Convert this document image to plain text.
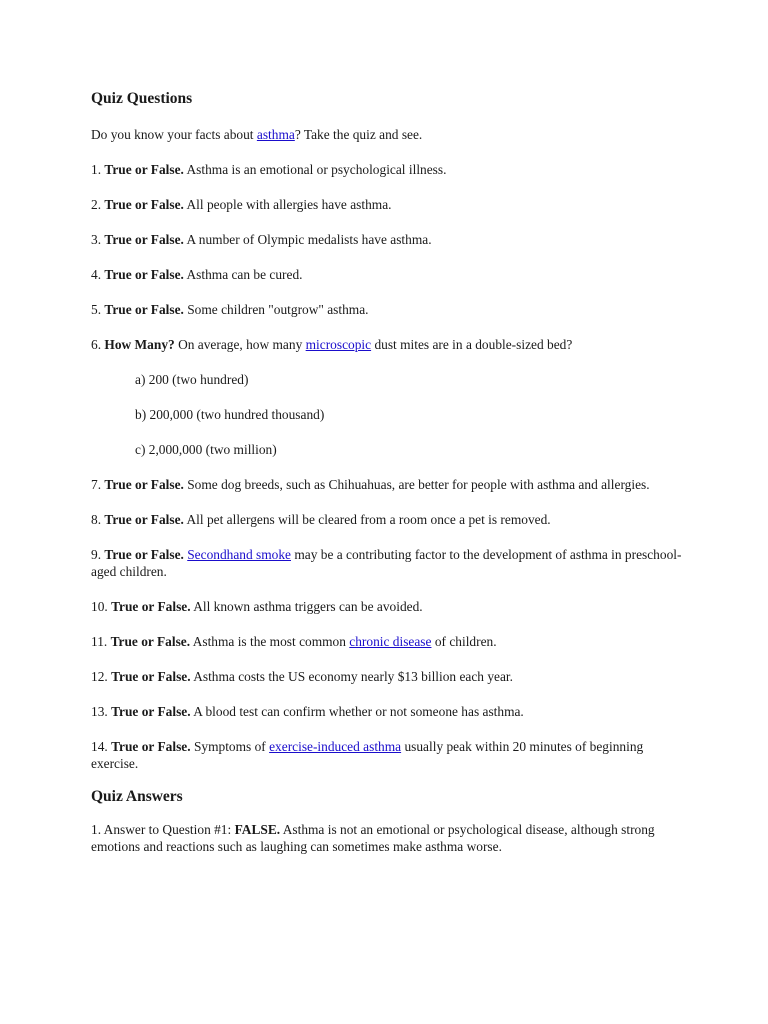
Quiz Questions

Do you know your facts about asthma? Take the quiz and see.

1. True or False. Asthma is an emotional or psychological illness.

2. True or False. All people with allergies have asthma.

3. True or False. A number of Olympic medalists have asthma.

4. True or False. Asthma can be cured.

5. True or False. Some children "outgrow" asthma.

6. How Many? On average, how many microscopic dust mites are in a double-sized bed?

a) 200 (two hundred)

b) 200,000 (two hundred thousand)

c) 2,000,000 (two million)

7. True or False. Some dog breeds, such as Chihuahuas, are better for people with asthma and allergies.

8. True or False. All pet allergens will be cleared from a room once a pet is removed.

9. True or False. Secondhand smoke may be a contributing factor to the development of asthma in preschool-aged children.

10. True or False. All known asthma triggers can be avoided.

11. True or False. Asthma is the most common chronic disease of children.

12. True or False. Asthma costs the US economy nearly $13 billion each year.

13. True or False. A blood test can confirm whether or not someone has asthma.

14. True or False. Symptoms of exercise-induced asthma usually peak within 20 minutes of beginning exercise.

Quiz Answers

1. Answer to Question #1: FALSE. Asthma is not an emotional or psychological disease, although strong emotions and reactions such as laughing can sometimes make asthma worse.
